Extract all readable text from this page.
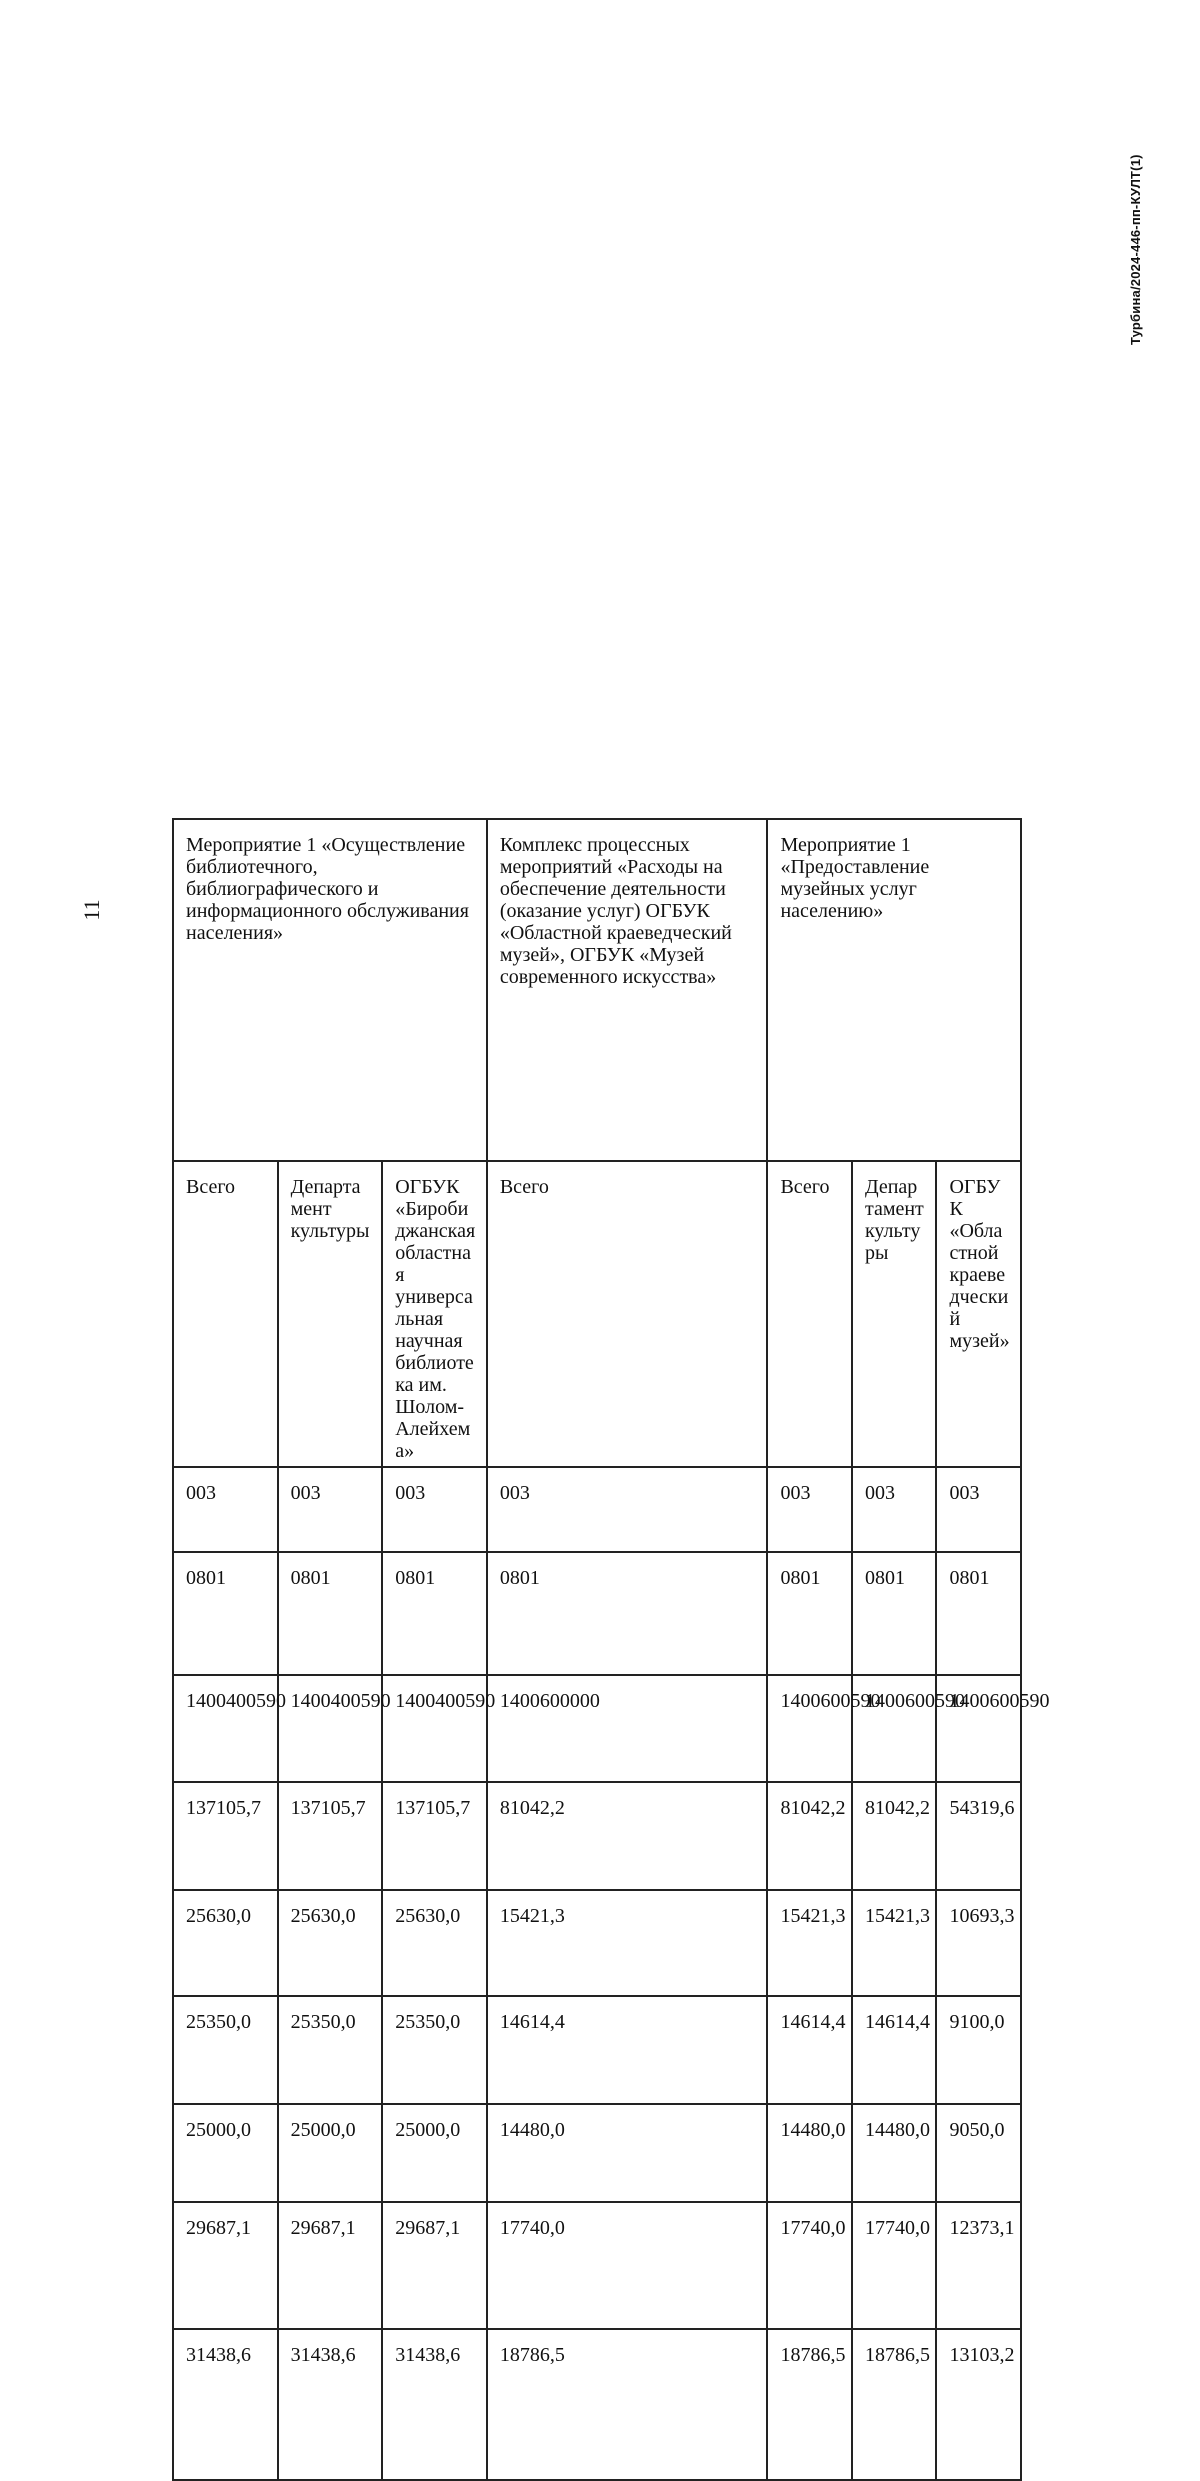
11
Турбина/2024-446-пп-КУЛТ(1)
Мероприятие 1 «Осуществление библиотечного, библиографического и информационного обслуживания населения»			Комплекс процессных мероприятий «Расходы на обеспечение деятельности (оказание услуг) ОГБУК «Областной краеведческий музей», ОГБУК «Музей современного искусства»	Мероприятие 1 «Предоставление музейных услуг населению»		
Всего	Департамент культуры	ОГБУК «Биробиджанская областная универсальная научная библиотека им. Шолом-Алейхема»	Всего	Всего	Департамент культуры	ОГБУК «Областной краеведческий музей»
003	003	003	003	003	003	003
0801	0801	0801	0801	0801	0801	0801
1400400590	1400400590	1400400590	1400600000	1400600590	1400600590	1400600590
137105,7	137105,7	137105,7	81042,2	81042,2	81042,2	54319,6
25630,0	25630,0	25630,0	15421,3	15421,3	15421,3	10693,3
25350,0	25350,0	25350,0	14614,4	14614,4	14614,4	9100,0
25000,0	25000,0	25000,0	14480,0	14480,0	14480,0	9050,0
29687,1	29687,1	29687,1	17740,0	17740,0	17740,0	12373,1
31438,6	31438,6	31438,6	18786,5	18786,5	18786,5	13103,2
